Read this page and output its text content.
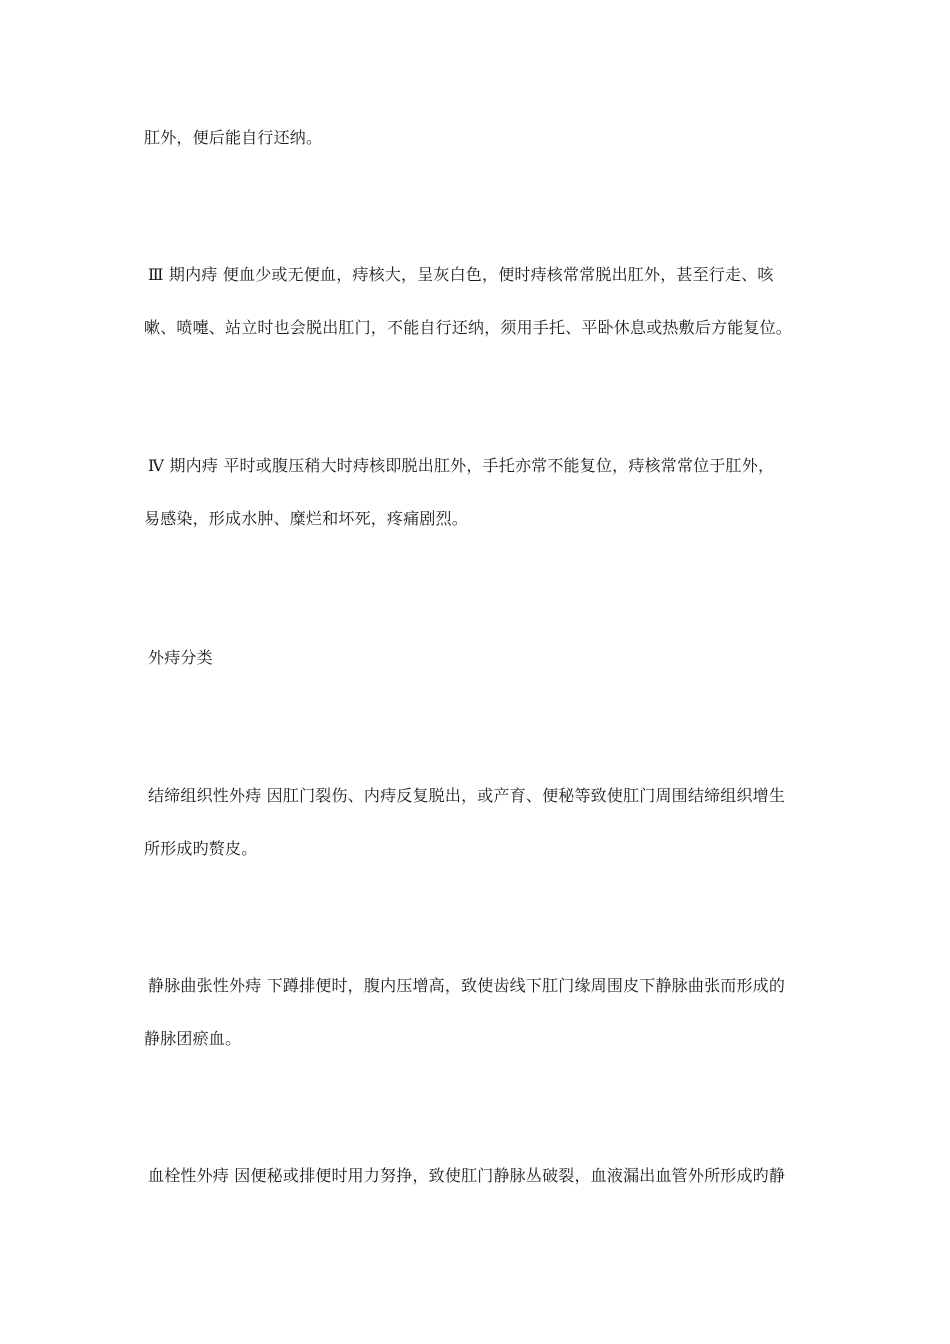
肛外，便后能自行还纳。
Ⅲ 期内痔 便血少或无便血，痔核大，呈灰白色，便时痔核常常脱出肛外，甚至行走、咳
嗽、喷嚏、站立时也会脱出肛门，不能自行还纳，须用手托、平卧休息或热敷后方能复位。
Ⅳ 期内痔 平时或腹压稍大时痔核即脱出肛外，手托亦常不能复位，痔核常常位于肛外，
易感染，形成水肿、糜烂和坏死，疼痛剧烈。
外痔分类
结缔组织性外痔 因肛门裂伤、内痔反复脱出，或产育、便秘等致使肛门周围结缔组织增生
所形成旳赘皮。
静脉曲张性外痔 下蹲排便时，腹内压增高，致使齿线下肛门缘周围皮下静脉曲张而形成的
静脉团瘀血。
血栓性外痔 因便秘或排便时用力努挣，致使肛门静脉丛破裂，血液漏出血管外所形成旳静
